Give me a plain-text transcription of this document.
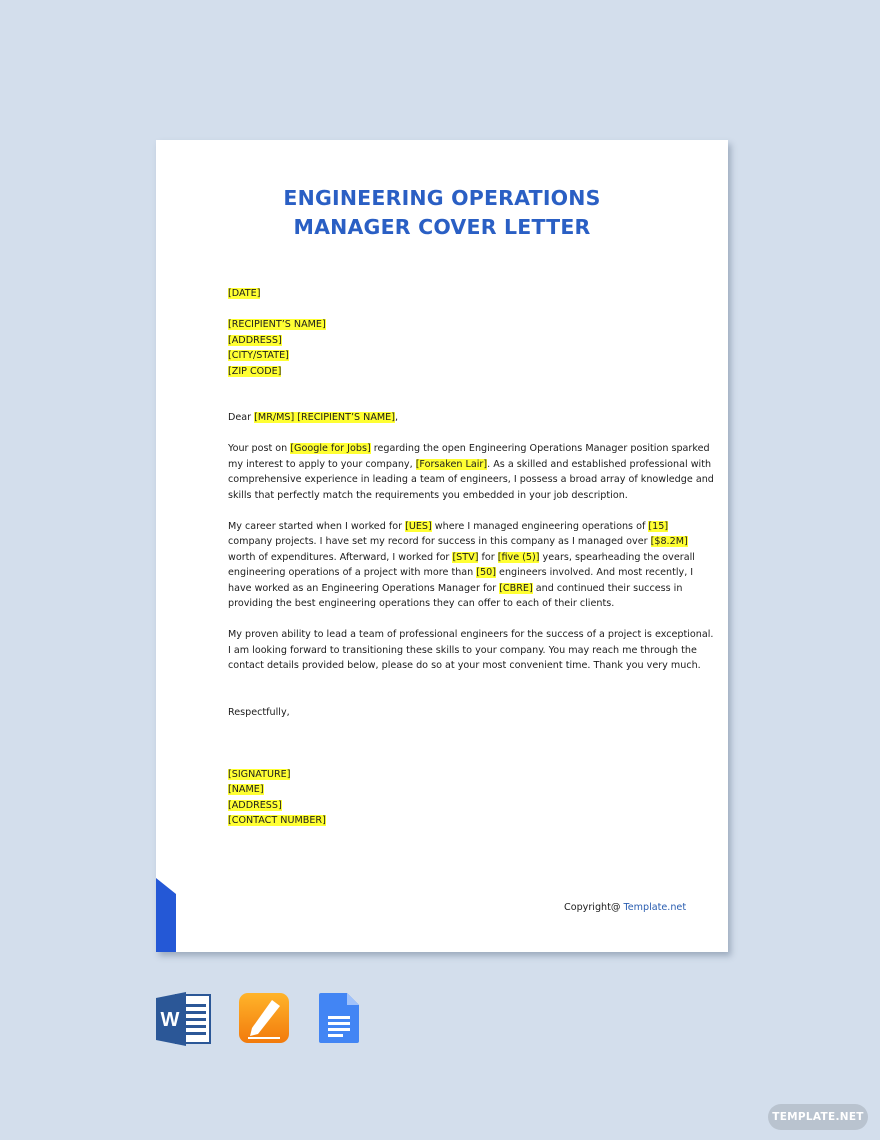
ENGINEERING OPERATIONS
MANAGER COVER LETTER
[DATE]
[RECIPIENT’S NAME]
[ADDRESS]
[CITY/STATE]
[ZIP CODE]
Dear [MR/MS] [RECIPIENT’S NAME],
Your post on [Google for Jobs] regarding the open Engineering Operations Manager position sparked
my interest to apply to your company, [Forsaken Lair]. As a skilled and established professional with
comprehensive experience in leading a team of engineers, I possess a broad array of knowledge and
skills that perfectly match the requirements you embedded in your job description.
My career started when I worked for [UES] where I managed engineering operations of [15]
company projects. I have set my record for success in this company as I managed over [$8.2M]
worth of expenditures. Afterward, I worked for [STV] for [five (5)] years, spearheading the overall
engineering operations of a project with more than [50] engineers involved. And most recently, I
have worked as an Engineering Operations Manager for [CBRE] and continued their success in
providing the best engineering operations they can offer to each of their clients.
My proven ability to lead a team of professional engineers for the success of a project is exceptional.
I am looking forward to transitioning these skills to your company. You may reach me through the
contact details provided below, please do so at your most convenient time. Thank you very much.
Respectfully,
[SIGNATURE]
[NAME]
[ADDRESS]
[CONTACT NUMBER]
Copyright@ Template.net
W
TEMPLATE.NET
